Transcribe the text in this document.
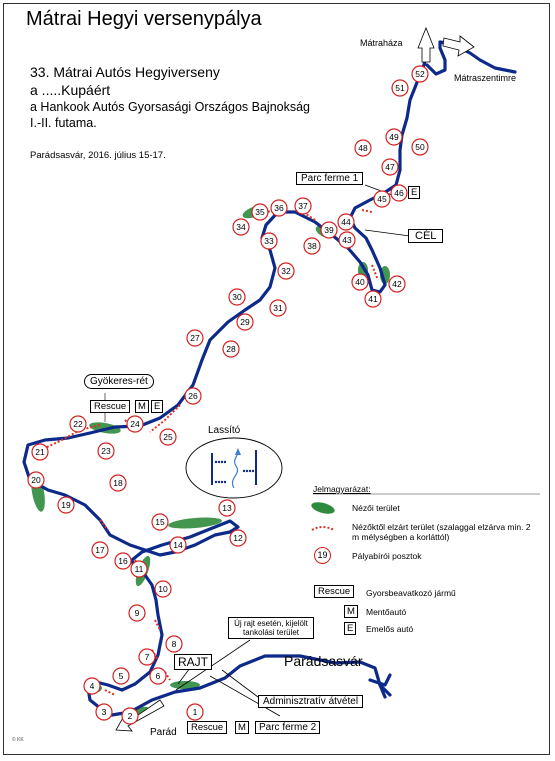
Mátrai Hegyi versenypálya
33. Mátrai Autós Hegyiverseny
a .....Kupáért
a Hankook Autós Gyorsasági Országos Bajnokság
I.-II. futama.
Parádsasvár, 2016. július 15-17.
1
2
3
4
5	6
7
8
9
10
11
12
13
14
15
16
17
18
19
20
21
22
23
24
25
26
27
28
29
30
31
32
33
34
35 36 37
38
39
40
41
42
43
44
45
46
47
48
49
50
51
52
Mátraháza
Mátraszentimre
Parádsasvár
Parád
Gyökeres-rét
Lassító
Parc ferme 1
CÉL
RAJT
Rescue	M E
E
Rescue	M	Parc ferme 2
Adminisztratív átvétel
Új rajt esetén, kijelölt tankolási terület
Jelmagyarázat:
Nézői terület
Nézőktől elzárt terület (szalaggal elzárva min. 2 m mélységben a korláttól)
19	Pályabírói posztok
Rescue	Gyorsbeavatkozó jármű
M	Mentőautó
E	Emelős autó
© KK
